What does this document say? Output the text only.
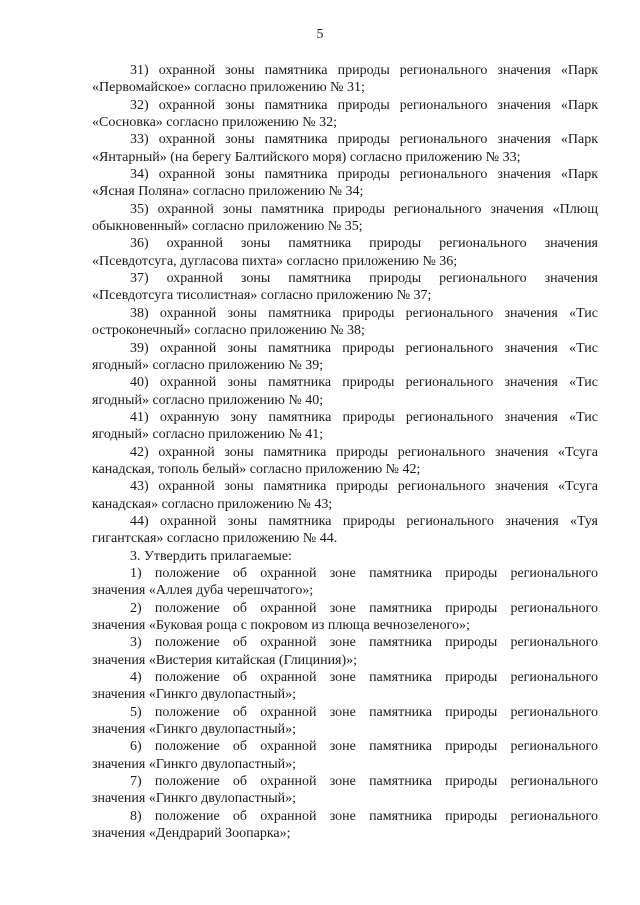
5

31) охранной зоны памятника природы регионального значения «Парк
«Первомайское» согласно приложению № 31;

32) охранной зоны памятника природы регионального значения «Парк
«Сосновка» согласно приложению № 32;

33) охранной зоны памятника природы регионального значения «Парк
«Янтарный» (на берегу Балтийского моря) согласно приложению № 33;

34) охранной зоны памятника природы регионального значения «Парк
«Ясная Поляна» согласно приложению № 34;

35) охранной зоны памятника природы регионального значения «Плющ
обыкновенный» согласно приложению № 35;

36) охранной зоны памятника природы регионального значения
«Псевдотсуга, дугласова пихта» согласно приложению № 36;

37) охранной зоны памятника природы регионального значения
«Псевдотсуга тисолистная» согласно приложению № 37;

38) охранной зоны памятника природы регионального значения «Тис
остроконечный» согласно приложению № 38;

39) охранной зоны памятника природы регионального значения «Тис
ягодный» согласно приложению № 39;

40) охранной зоны памятника природы регионального значения «Тис
ягодный» согласно приложению № 40;

41) охранную зону памятника природы регионального значения «Тис
ягодный» согласно приложению № 41;

42) охранной зоны памятника природы регионального значения «Тсуга
канадская, тополь белый» согласно приложению № 42;

43) охранной зоны памятника природы регионального значения «Тсуга
канадская» согласно приложению № 43;

44) охранной зоны памятника природы регионального значения «Туя
гигантская» согласно приложению № 44.

3. Утвердить прилагаемые:

1) положение об охранной зоне памятника природы регионального
значения «Аллея дуба черешчатого»;

2) положение об охранной зоне памятника природы регионального
значения «Буковая роща с покровом из плюща вечнозеленого»;

3) положение об охранной зоне памятника природы регионального
значения «Вистерия китайская (Глициния)»;

4) положение об охранной зоне памятника природы регионального
значения «Гинкго двулопастный»;

5) положение об охранной зоне памятника природы регионального
значения «Гинкго двулопастный»;

6) положение об охранной зоне памятника природы регионального
значения «Гинкго двулопастный»;

7) положение об охранной зоне памятника природы регионального
значения «Гинкго двулопастный»;

8) положение об охранной зоне памятника природы регионального
значения «Дендрарий Зоопарка»;
